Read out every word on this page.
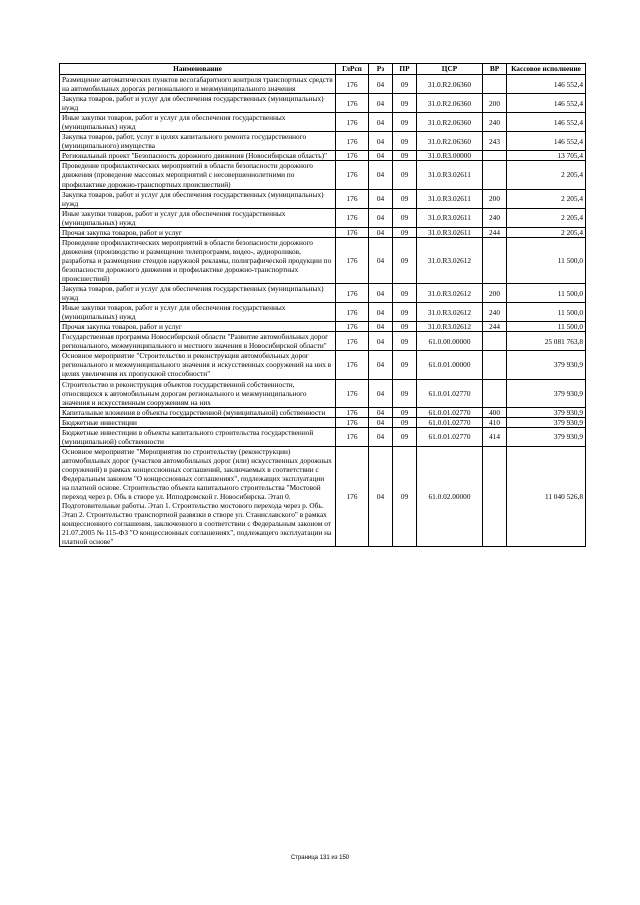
Наименование	ГлРсп	Рз	ПР	ЦСР	ВР	Кассовое исполнение
Размещение автоматических пунктов весогабаритного контроля транспортных средств на автомобильных дорогах регионального и межмуниципального значения	176	04	09	31.0.R2.06360		146 552,4
Закупка товаров, работ и услуг для обеспечения государственных (муниципальных) нужд	176	04	09	31.0.R2.06360	200	146 552,4
Иные закупки товаров, работ и услуг для обеспечения государственных (муниципальных) нужд	176	04	09	31.0.R2.06360	240	146 552,4
Закупка товаров, работ, услуг в целях капитального ремонта государственного (муниципального) имущества	176	04	09	31.0.R2.06360	243	146 552,4
Региональный проект "Безопасность дорожного движения (Новосибирская область)"	176	04	09	31.0.R3.00000		13 705,4
Проведение профилактических мероприятий в области безопасности дорожного движения (проведение массовых мероприятий с несовершеннолетними по профилактике дорожно-транспортных происшествий)	176	04	09	31.0.R3.02611		2 205,4
Закупка товаров, работ и услуг для обеспечения государственных (муниципальных) нужд	176	04	09	31.0.R3.02611	200	2 205,4
Иные закупки товаров, работ и услуг для обеспечения государственных (муниципальных) нужд	176	04	09	31.0.R3.02611	240	2 205,4
Прочая закупка товаров, работ и услуг	176	04	09	31.0.R3.02611	244	2 205,4
Проведение профилактических мероприятий в области безопасности дорожного движения (производство и размещение телепрограмм, видео-, аудиороликов, разработка и размещение стендов наружной рекламы, полиграфической продукции по безопасности дорожного движения и профилактике дорожно-транспортных происшествий)	176	04	09	31.0.R3.02612		11 500,0
Закупка товаров, работ и услуг для обеспечения государственных (муниципальных) нужд	176	04	09	31.0.R3.02612	200	11 500,0
Иные закупки товаров, работ и услуг для обеспечения государственных (муниципальных) нужд	176	04	09	31.0.R3.02612	240	11 500,0
Прочая закупка товаров, работ и услуг	176	04	09	31.0.R3.02612	244	11 500,0
Государственная программа Новосибирской области "Развитие автомобильных дорог регионального, межмуниципального и местного значения в Новосибирской области"	176	04	09	61.0.00.00000		25 081 763,8
Основное мероприятие "Строительство и реконструкция автомобильных дорог регионального и межмуниципального значения и искусственных сооружений на них в целях увеличения их пропускной способности"	176	04	09	61.0.01.00000		379 930,9
Строительство и реконструкция объектов государственной собственности, относящихся к автомобильным дорогам регионального и межмуниципального значения и искусственным сооружениям на них	176	04	09	61.0.01.02770		379 930,9
Капитальные вложения в объекты государственной (муниципальной) собственности	176	04	09	61.0.01.02770	400	379 930,9
Бюджетные инвестиции	176	04	09	61.0.01.02770	410	379 930,9
Бюджетные инвестиции в объекты капитального строительства государственной (муниципальной) собственности	176	04	09	61.0.01.02770	414	379 930,9
Основное мероприятие "Мероприятия по строительству (реконструкции) автомобильных дорог (участков автомобильных дорог (или) искусственных дорожных сооружений) в рамках концессионных соглашений, заключаемых в соответствии с Федеральным законом "О концессионных соглашениях", подлежащих эксплуатации на платной основе. Строительство объекта капитального строительства "Мостовой переход через р. Обь в створе ул. Ипподромской г. Новосибирска. Этап 0. Подготовительные работы. Этап 1. Строительство мостового перехода через р. Обь. Этап 2. Строительство транспортной развязки в створе ул. Станиславского" в рамках концессионного соглашения, заключенного в соответствии с Федеральным законом от 21.07.2005 № 115-ФЗ "О концессионных соглашениях", подлежащего эксплуатации на платной основе"	176	04	09	61.0.02.00000		11 040 526,8
Страница 131 из 150
